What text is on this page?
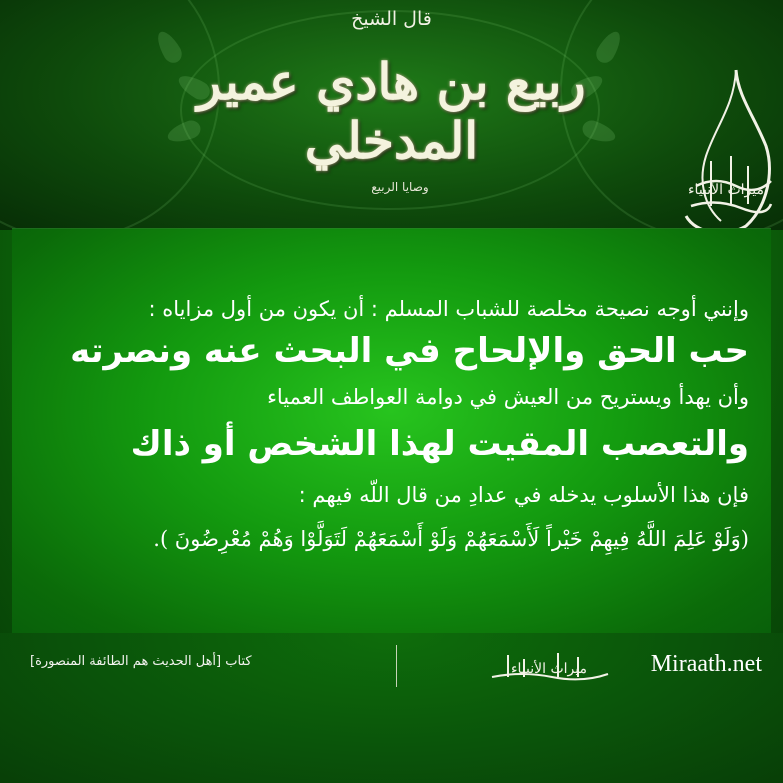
قال الشيخ
ربيع بن هادي عمير المدخلي
وصايا الربيع	ميراث الأنبياء
وإنني أوجه نصيحة مخلصة للشباب المسلم : أن يكون من أول مزاياه :
حب الحق والإلحاح في البحث عنه ونصرته
وأن يهدأ ويستريح من العيش في دوامة العواطف العمياء
والتعصب المقيت لهذا الشخص أو ذاك
فإن هذا الأسلوب يدخله في عدادِ من قال اللّه فيهم :
(وَلَوْ عَلِمَ اللَّهُ فِيهِمْ خَيْراً لَأَسْمَعَهُمْ وَلَوْ أَسْمَعَهُمْ لَتَوَلَّوْا وَهُمْ مُعْرِضُونَ ).
كتاب [أهل الحديث هم الطائفة المنصورة]	ميراث الأنبياء	Miraath.net
